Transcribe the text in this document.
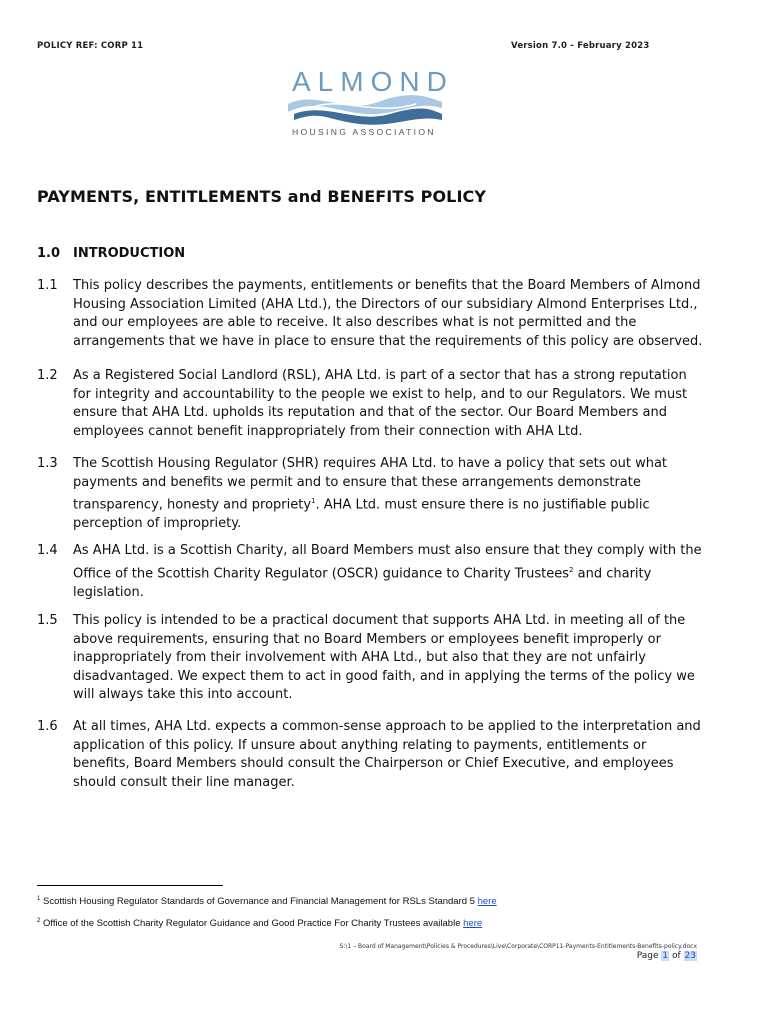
POLICY REF: CORP 11	Version 7.0 - February 2023
ALMOND
HOUSING ASSOCIATION
PAYMENTS, ENTITLEMENTS and BENEFITS POLICY
1.0 INTRODUCTION
1.1 This policy describes the payments, entitlements or benefits that the Board Members of Almond Housing Association Limited (AHA Ltd.), the Directors of our subsidiary Almond Enterprises Ltd., and our employees are able to receive. It also describes what is not permitted and the arrangements that we have in place to ensure that the requirements of this policy are observed.
1.2 As a Registered Social Landlord (RSL), AHA Ltd. is part of a sector that has a strong reputation for integrity and accountability to the people we exist to help, and to our Regulators. We must ensure that AHA Ltd. upholds its reputation and that of the sector. Our Board Members and employees cannot benefit inappropriately from their connection with AHA Ltd.
1.3 The Scottish Housing Regulator (SHR) requires AHA Ltd. to have a policy that sets out what payments and benefits we permit and to ensure that these arrangements demonstrate transparency, honesty and propriety$^1$. AHA Ltd. must ensure there is no justifiable public perception of impropriety.
1.4 As AHA Ltd. is a Scottish Charity, all Board Members must also ensure that they comply with the Office of the Scottish Charity Regulator (OSCR) guidance to Charity Trustees$^2$ and charity legislation.
1.5 This policy is intended to be a practical document that supports AHA Ltd. in meeting all of the above requirements, ensuring that no Board Members or employees benefit improperly or inappropriately from their involvement with AHA Ltd., but also that they are not unfairly disadvantaged. We expect them to act in good faith, and in applying the terms of the policy we will always take this into account.
1.6 At all times, AHA Ltd. expects a common-sense approach to be applied to the interpretation and application of this policy. If unsure about anything relating to payments, entitlements or benefits, Board Members should consult the Chairperson or Chief Executive, and employees should consult their line manager.
$^1$ Scottish Housing Regulator Standards of Governance and Financial Management for RSLs Standard 5 here
$^2$ Office of the Scottish Charity Regulator Guidance and Good Practice For Charity Trustees available here
S:\1 – Board of Management\Policies & Procedures\Live\Corporate\CORP11-Payments-Entitlements-Benefits-policy.docx
Page 1 of 23
